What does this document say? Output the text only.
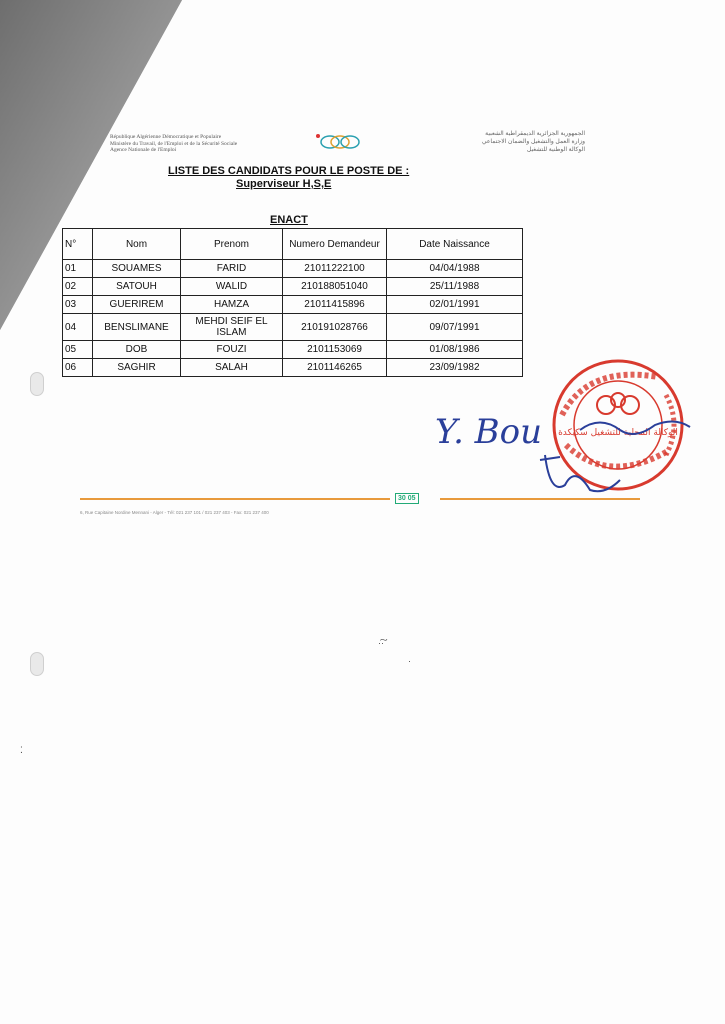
République Algérienne Démocratique et Populaire
Ministère du Travail, de l'Emploi et de la Sécurité Sociale
Agence Nationale de l'Emploi
الجمهورية الجزائرية الديمقراطية الشعبية
وزارة العمل والتشغيل والضمان الاجتماعي
الوكالة الوطنية للتشغيل
LISTE DES CANDIDATS POUR LE POSTE DE :
Superviseur H,S,E
ENACT
N°	Nom	Prenom	Numero Demandeur	Date Naissance
01	SOUAMES	FARID	21011222100	04/04/1988
02	SATOUH	WALID	210188051040	25/11/1988
03	GUERIREM	HAMZA	21011415896	02/01/1991
04	BENSLIMANE	MEHDI SEIF EL ISLAM	210191028766	09/07/1991
05	DOB	FOUZI	2101153069	01/08/1986
06	SAGHIR	SALAH	2101146265	23/09/1982
الوكالة المحلية للتشغيل سكيكدة
Y. Bou
30 05
6, Rue Capitaine Nordine Mennani - Alger - Tél: 021 237 101 / 021 237 403 - Fax: 021 237 400
·͠·
·
⁚
